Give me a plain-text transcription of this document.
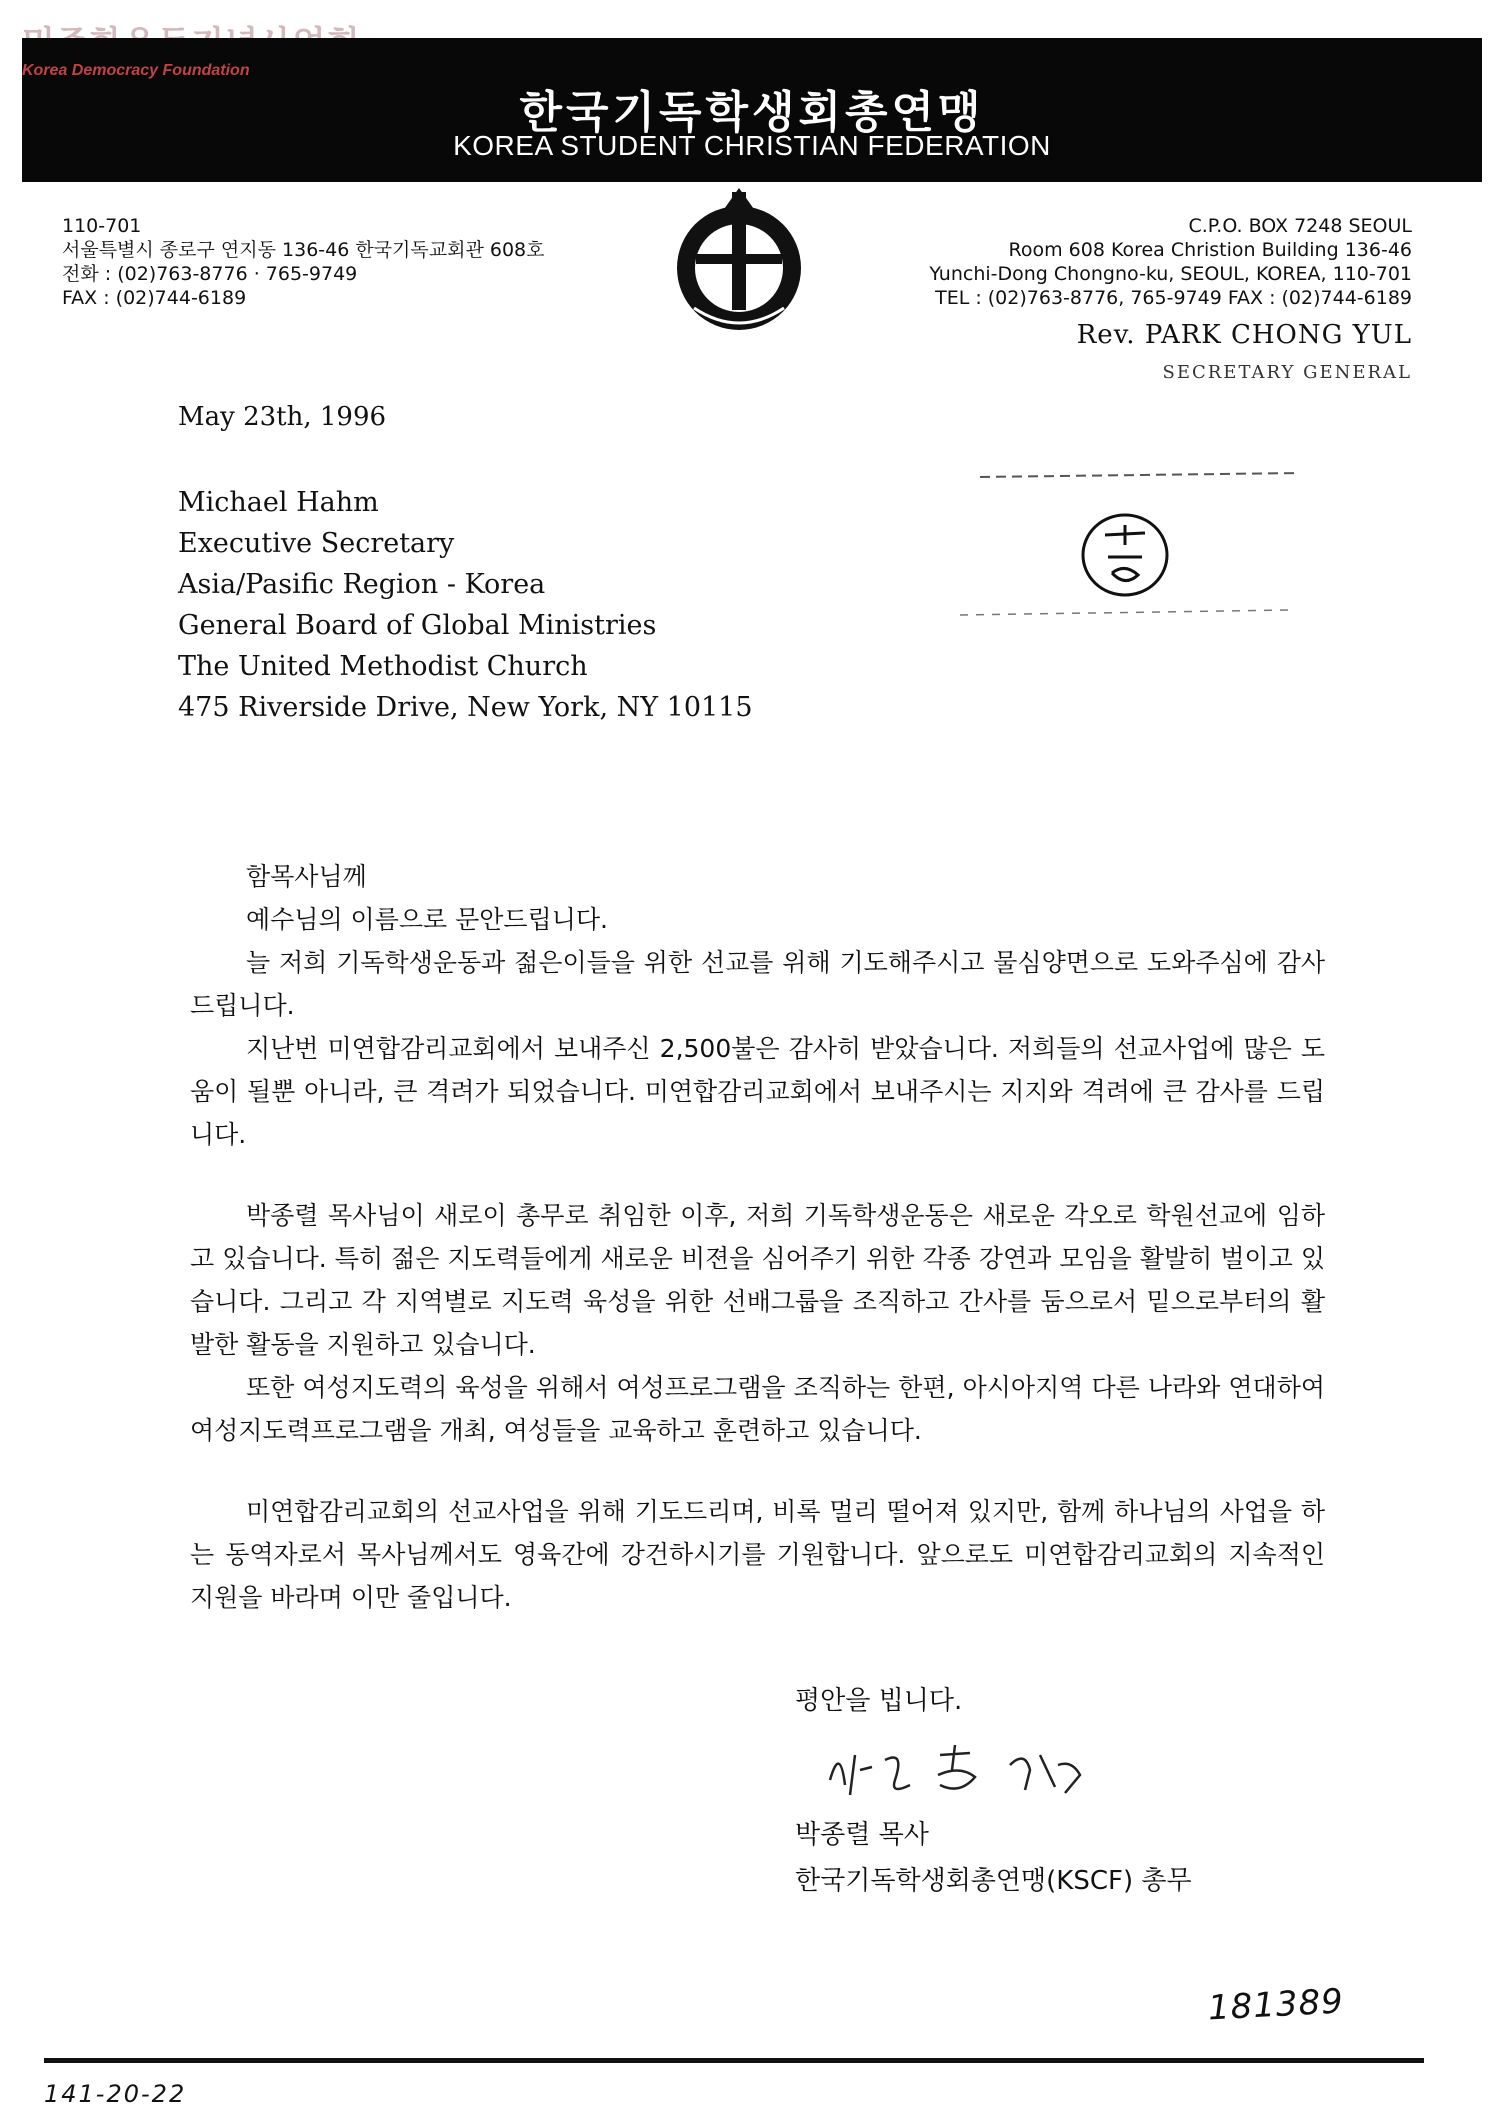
한국기독학생회총연맹
KOREA STUDENT CHRISTIAN FEDERATION
Korea Democracy Foundation
110-701
서울특별시 종로구 연지동 136-46 한국기독교회관 608호
전화 : (02)763-8776 · 765-9749
FAX : (02)744-6189
C.P.O. BOX 7248 SEOUL
Room 608 Korea Christion Building 136-46
Yunchi-Dong Chongno-ku, SEOUL, KOREA, 110-701
TEL : (02)763-8776, 765-9749 FAX : (02)744-6189
Rev. PARK CHONG YUL
SECRETARY GENERAL
May 23th, 1996
Michael Hahm
Executive Secretary
Asia/Pasific Region - Korea
General Board of Global Ministries
The United Methodist Church
475 Riverside Drive, New York, NY 10115

함목사님께

예수님의 이름으로 문안드립니다.

늘 저희 기독학생운동과 젊은이들을 위한 선교를 위해 기도해주시고 물심양면으로 도와주심에 감사드립니다.

지난번 미연합감리교회에서 보내주신 2,500불은 감사히 받았습니다. 저희들의 선교사업에 많은 도움이 될뿐 아니라, 큰 격려가 되었습니다. 미연합감리교회에서 보내주시는 지지와 격려에 큰 감사를 드립니다.

박종렬 목사님이 새로이 총무로 취임한 이후, 저희 기독학생운동은 새로운 각오로 학원선교에 임하고 있습니다. 특히 젊은 지도력들에게 새로운 비젼을 심어주기 위한 각종 강연과 모임을 활발히 벌이고 있습니다. 그리고 각 지역별로 지도력 육성을 위한 선배그룹을 조직하고 간사를 둠으로서 밑으로부터의 활발한 활동을 지원하고 있습니다.

또한 여성지도력의 육성을 위해서 여성프로그램을 조직하는 한편, 아시아지역 다른 나라와 연대하여 여성지도력프로그램을 개최, 여성들을 교육하고 훈련하고 있습니다.

미연합감리교회의 선교사업을 위해 기도드리며, 비록 멀리 떨어져 있지만, 함께 하나님의 사업을 하는 동역자로서 목사님께서도 영육간에 강건하시기를 기원합니다. 앞으로도 미연합감리교회의 지속적인 지원을 바라며 이만 줄입니다.

평안을 빕니다.
박종렬 목사
한국기독학생회총연맹(KSCF) 총무
181389
141-20-22
